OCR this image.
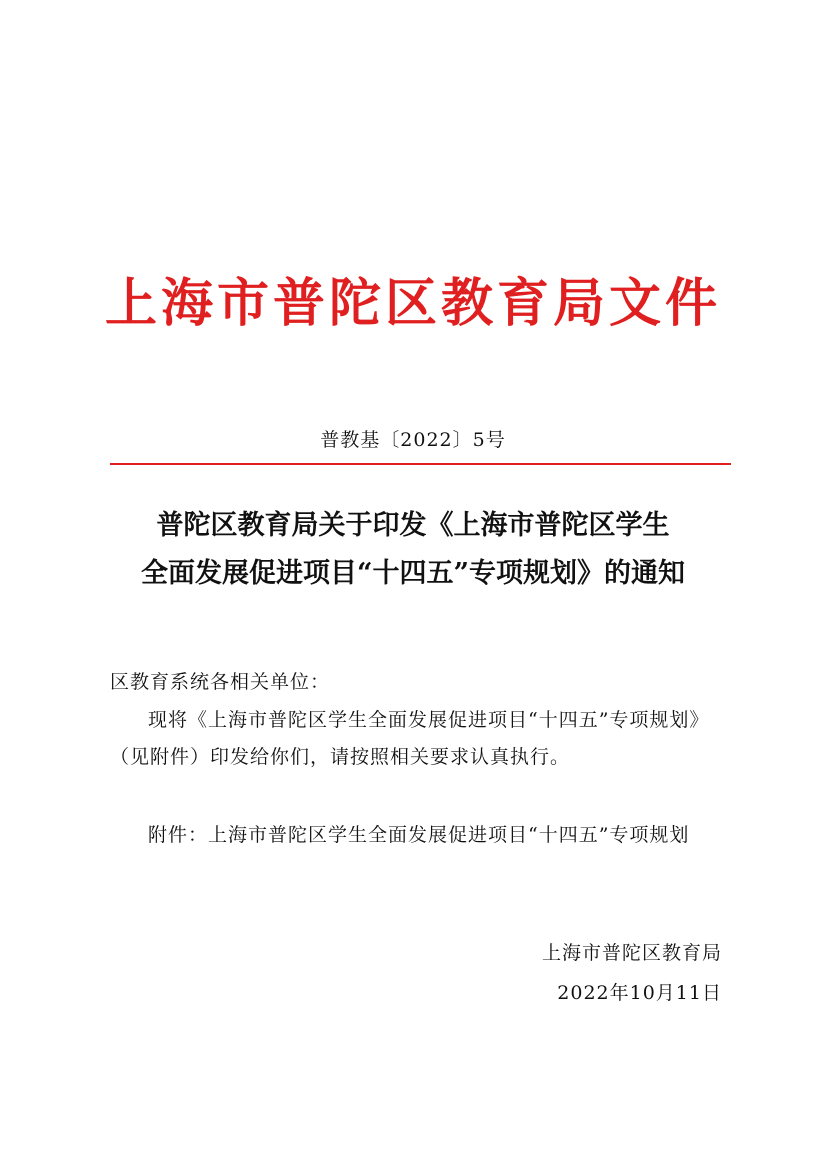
上海市普陀区教育局文件
普教基〔2022〕5号
普陀区教育局关于印发《上海市普陀区学生
全面发展促进项目“十四五”专项规划》的通知
区教育系统各相关单位：
现将《上海市普陀区学生全面发展促进项目“十四五”专项规划》（见附件）印发给你们，请按照相关要求认真执行。
附件：上海市普陀区学生全面发展促进项目“十四五”专项规划
上海市普陀区教育局
2022年10月11日
